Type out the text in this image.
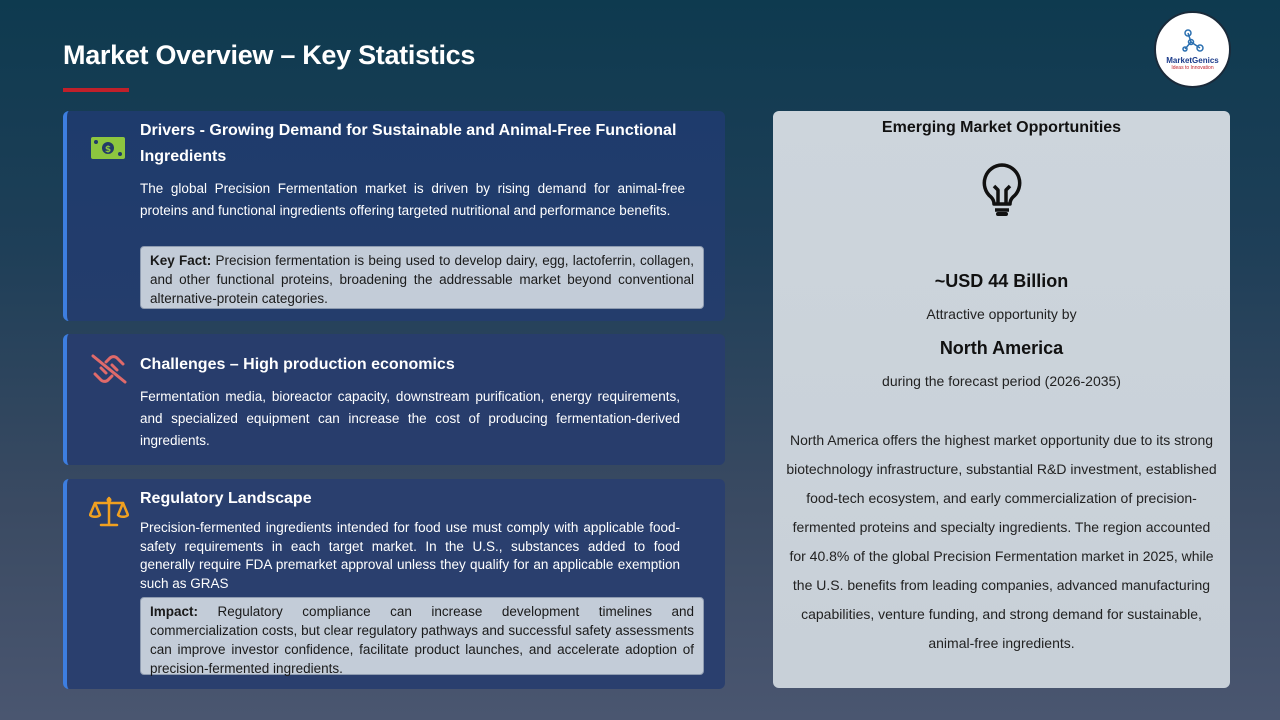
Market Overview – Key Statistics	MarketGenics
Ideas to Innovation
$
Drivers - Growing Demand for Sustainable and Animal-Free Functional Ingredients
The global Precision Fermentation market is driven by rising demand for animal-free proteins and functional ingredients offering targeted nutritional and performance benefits.
Key Fact: Precision fermentation is being used to develop dairy, egg, lactoferrin, collagen, and other functional proteins, broadening the addressable market beyond conventional alternative-protein categories.
Challenges – High production economics
Fermentation media, bioreactor capacity, downstream purification, energy requirements, and specialized equipment can increase the cost of producing fermentation-derived ingredients.
Regulatory Landscape
Precision-fermented ingredients intended for food use must comply with applicable food-safety requirements in each target market. In the U.S., substances added to food generally require FDA premarket approval unless they qualify for an applicable exemption such as GRAS
Impact: Regulatory compliance can increase development timelines and commercialization costs, but clear regulatory pathways and successful safety assessments can improve investor confidence, facilitate product launches, and accelerate adoption of precision-fermented ingredients.
Emerging Market Opportunities
~USD 44 Billion
Attractive opportunity by
North America
during the forecast period (2026-2035)
North America offers the highest market opportunity due to its strong biotechnology infrastructure, substantial R&D investment, established food-tech ecosystem, and early commercialization of precision-fermented proteins and specialty ingredients. The region accounted for 40.8% of the global Precision Fermentation market in 2025, while the U.S. benefits from leading companies, advanced manufacturing capabilities, venture funding, and strong demand for sustainable, animal-free ingredients.
